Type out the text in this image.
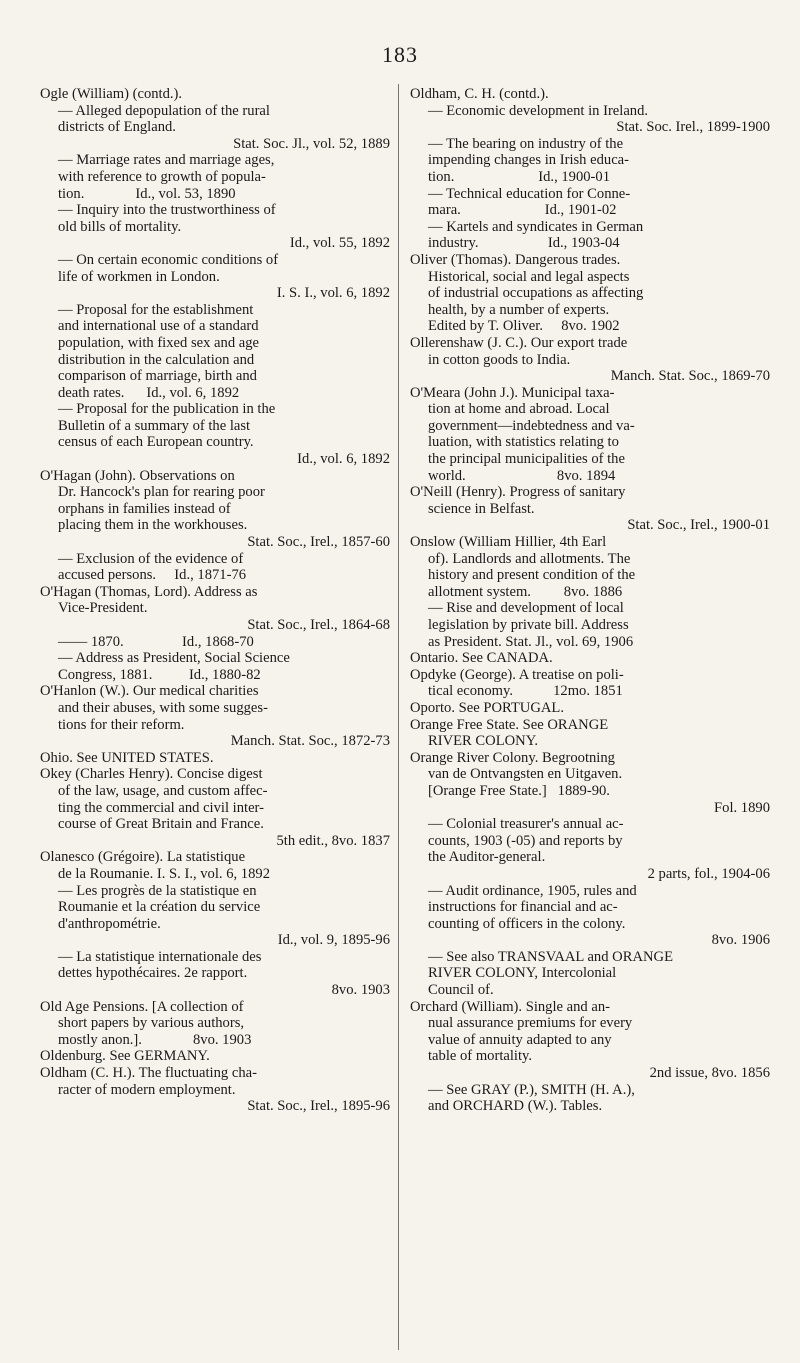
183
Ogle (William) (contd.).
— Alleged depopulation of the rural
districts of England.
Stat. Soc. Jl., vol. 52, 1889
— Marriage rates and marriage ages,
with reference to growth of popula-
tion.              Id., vol. 53, 1890
— Inquiry into the trustworthiness of
old bills of mortality.
Id., vol. 55, 1892
— On certain economic conditions of
life of workmen in London.
I. S. I., vol. 6, 1892
— Proposal for the establishment
and international use of a standard
population, with fixed sex and age
distribution in the calculation and
comparison of marriage, birth and
death rates.      Id., vol. 6, 1892
— Proposal for the publication in the
Bulletin of a summary of the last
census of each European country.
Id., vol. 6, 1892
O'Hagan (John). Observations on
Dr. Hancock's plan for rearing poor
orphans in families instead of
placing them in the workhouses.
Stat. Soc., Irel., 1857-60
— Exclusion of the evidence of
accused persons.     Id., 1871-76
O'Hagan (Thomas, Lord). Address as
Vice-President.
Stat. Soc., Irel., 1864-68
—— 1870.                Id., 1868-70
— Address as President, Social Science
Congress, 1881.          Id., 1880-82
O'Hanlon (W.). Our medical charities
and their abuses, with some sugges-
tions for their reform.
Manch. Stat. Soc., 1872-73
Ohio. See UNITED STATES.
Okey (Charles Henry). Concise digest
of the law, usage, and custom affec-
ting the commercial and civil inter-
course of Great Britain and France.
5th edit., 8vo. 1837
Olanesco (Grégoire). La statistique
de la Roumanie. I. S. I., vol. 6, 1892
— Les progrès de la statistique en
Roumanie et la création du service
d'anthropométrie.
Id., vol. 9, 1895-96
— La statistique internationale des
dettes hypothécaires. 2e rapport.
8vo. 1903
Old Age Pensions. [A collection of
short papers by various authors,
mostly anon.].              8vo. 1903
Oldenburg. See GERMANY.
Oldham (C. H.). The fluctuating cha-
racter of modern employment.
Stat. Soc., Irel., 1895-96
Oldham, C. H. (contd.).
— Economic development in Ireland.
Stat. Soc. Irel., 1899-1900
— The bearing on industry of the
impending changes in Irish educa-
tion.                       Id., 1900-01
— Technical education for Conne-
mara.                       Id., 1901-02
— Kartels and syndicates in German
industry.                   Id., 1903-04
Oliver (Thomas). Dangerous trades.
Historical, social and legal aspects
of industrial occupations as affecting
health, by a number of experts.
Edited by T. Oliver.     8vo. 1902
Ollerenshaw (J. C.). Our export trade
in cotton goods to India.
Manch. Stat. Soc., 1869-70
O'Meara (John J.). Municipal taxa-
tion at home and abroad. Local
government—indebtedness and va-
luation, with statistics relating to
the principal municipalities of the
world.                         8vo. 1894
O'Neill (Henry). Progress of sanitary
science in Belfast.
Stat. Soc., Irel., 1900-01
Onslow (William Hillier, 4th Earl
of). Landlords and allotments. The
history and present condition of the
allotment system.         8vo. 1886
— Rise and development of local
legislation by private bill. Address
as President. Stat. Jl., vol. 69, 1906
Ontario. See CANADA.
Opdyke (George). A treatise on poli-
tical economy.           12mo. 1851
Oporto. See PORTUGAL.
Orange Free State. See ORANGE
RIVER COLONY.
Orange River Colony. Begrootning
van de Ontvangsten en Uitgaven.
[Orange Free State.]   1889-90.
Fol. 1890
— Colonial treasurer's annual ac-
counts, 1903 (-05) and reports by
the Auditor-general.
2 parts, fol., 1904-06
— Audit ordinance, 1905, rules and
instructions for financial and ac-
counting of officers in the colony.
8vo. 1906
— See also TRANSVAAL and ORANGE
RIVER COLONY, Intercolonial
Council of.
Orchard (William). Single and an-
nual assurance premiums for every
value of annuity adapted to any
table of mortality.
2nd issue, 8vo. 1856
— See GRAY (P.), SMITH (H. A.),
and ORCHARD (W.). Tables.
